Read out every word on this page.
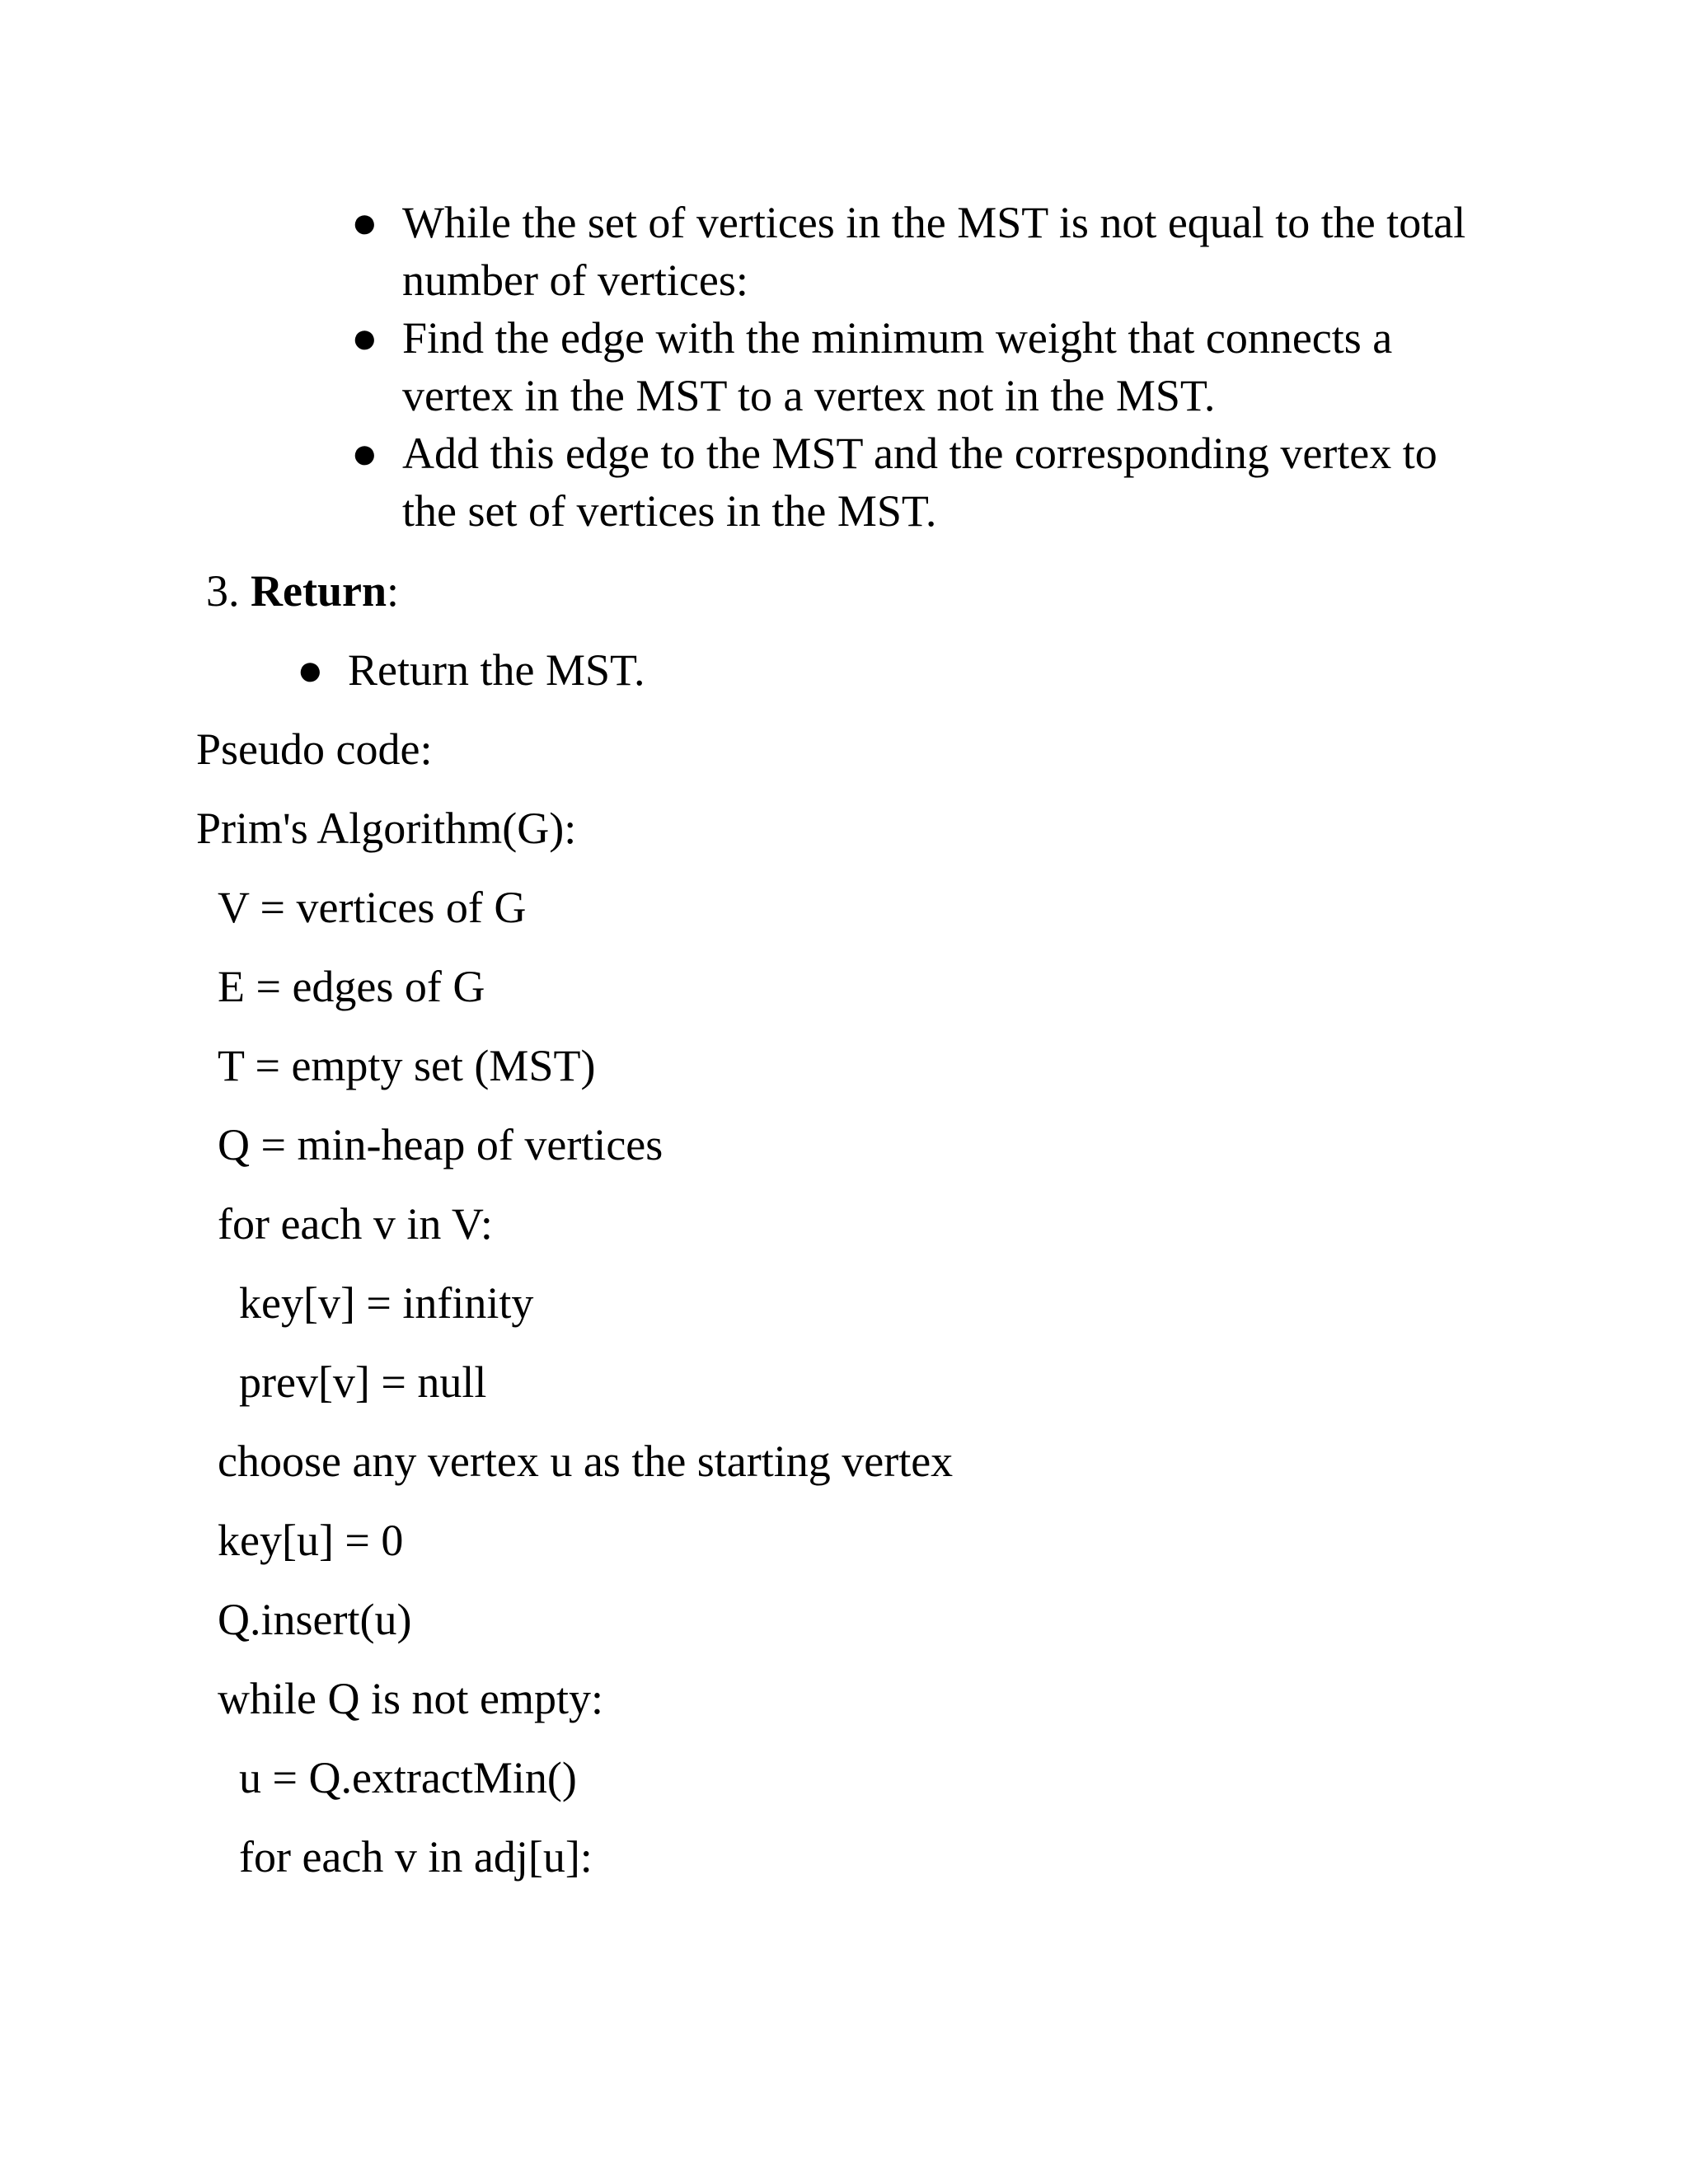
● While the set of vertices in the MST is not equal to the total
number of vertices:
● Find the edge with the minimum weight that connects a
vertex in the MST to a vertex not in the MST.
● Add this edge to the MST and the corresponding vertex to
the set of vertices in the MST.
3. Return:
● Return the MST.
Pseudo code:
Prim's Algorithm(G):
V = vertices of G
E = edges of G
T = empty set (MST)
Q = min-heap of vertices
for each v in V:
key[v] = infinity
prev[v] = null
choose any vertex u as the starting vertex
key[u] = 0
Q.insert(u)
while Q is not empty:
u = Q.extractMin()
for each v in adj[u]:
